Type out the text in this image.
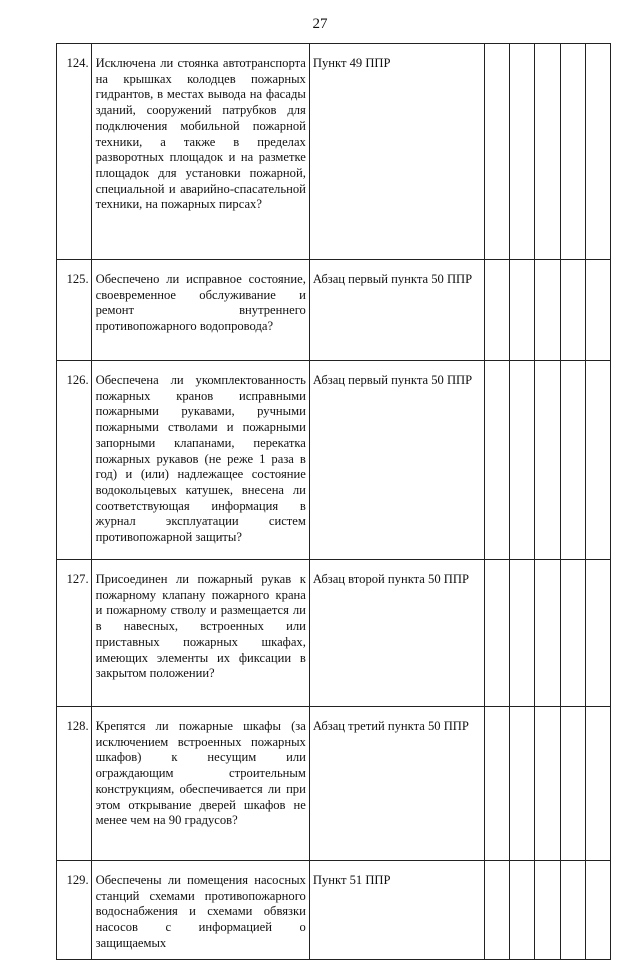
27
124.	Исключена ли стоянка автотранспорта на крышках колодцев пожарных гидрантов, в местах вывода на фасады зданий, сооружений патрубков для подключения мобильной пожарной техники, а также в пределах разворотных площадок и на разметке площадок для установки пожарной, специальной и аварийно-спасательной техники, на пожарных пирсах?	Пункт 49 ППР					
125.	Обеспечено ли исправное состояние, своевременное обслуживание и ремонт внутреннего противопожарного водопровода?	Абзац первый пункта 50 ППР					
126.	Обеспечена ли укомплектованность пожарных кранов исправными пожарными рукавами, ручными пожарными стволами и пожарными запорными клапанами, перекатка пожарных рукавов (не реже 1 раза в год) и (или) надлежащее состояние водокольцевых катушек, внесена ли соответствующая информация в журнал эксплуатации систем противопожарной защиты?	Абзац первый пункта 50 ППР					
127.	Присоединен ли пожарный рукав к пожарному клапану пожарного крана и пожарному стволу и размещается ли в навесных, встроенных или приставных пожарных шкафах, имеющих элементы их фиксации в закрытом положении?	Абзац второй пункта 50 ППР					
128.	Крепятся ли пожарные шкафы (за исключением встроенных пожарных шкафов) к несущим или ограждающим строительным конструкциям, обеспечивается ли при этом открывание дверей шкафов не менее чем на 90 градусов?	Абзац третий пункта 50 ППР					
129.	Обеспечены ли помещения насосных станций схемами противопожарного водоснабжения и схемами обвязки насосов с информацией о защищаемых	Пункт 51 ППР					
